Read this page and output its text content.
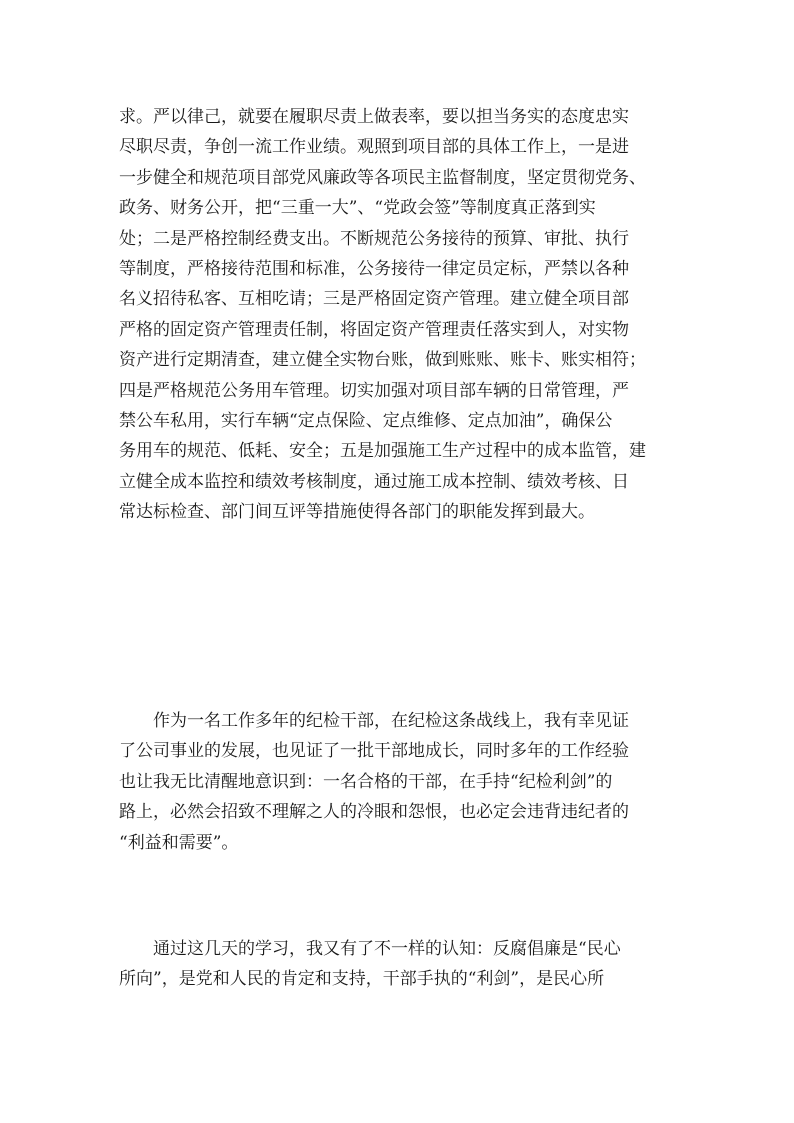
求。严以律己，就要在履职尽责上做表率，要以担当务实的态度忠实
尽职尽责，争创一流工作业绩。观照到项目部的具体工作上，一是进
一步健全和规范项目部党风廉政等各项民主监督制度，坚定贯彻党务、
政务、财务公开，把“三重一大”、“党政会签”等制度真正落到实
处；二是严格控制经费支出。不断规范公务接待的预算、审批、执行
等制度，严格接待范围和标准，公务接待一律定员定标，严禁以各种
名义招待私客、互相吃请；三是严格固定资产管理。建立健全项目部
严格的固定资产管理责任制，将固定资产管理责任落实到人，对实物
资产进行定期清查，建立健全实物台账，做到账账、账卡、账实相符；
四是严格规范公务用车管理。切实加强对项目部车辆的日常管理，严
禁公车私用，实行车辆“定点保险、定点维修、定点加油”，确保公
务用车的规范、低耗、安全；五是加强施工生产过程中的成本监管，建
立健全成本监控和绩效考核制度，通过施工成本控制、绩效考核、日
常达标检查、部门间互评等措施使得各部门的职能发挥到最大。
作为一名工作多年的纪检干部，在纪检这条战线上，我有幸见证
了公司事业的发展，也见证了一批干部地成长，同时多年的工作经验
也让我无比清醒地意识到：一名合格的干部，在手持“纪检利剑”的
路上，必然会招致不理解之人的冷眼和怨恨，也必定会违背违纪者的
“利益和需要”。
通过这几天的学习，我又有了不一样的认知：反腐倡廉是“民心
所向”，是党和人民的肯定和支持，干部手执的“利剑”，是民心所
